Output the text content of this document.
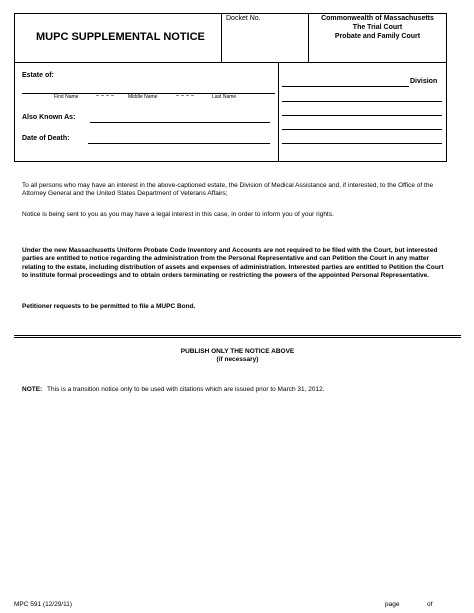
MUPC SUPPLEMENTAL NOTICE
Docket No.	Commonwealth of Massachusetts
The Trial Court
Probate and Family Court
Estate of:
First Name	Middle Name	Last Name
Also Known As:
Date of Death:
Division
To all persons who may have an interest in the above-captioned estate, the Division of Medical Assistance and, if interested, to the Office of the Attorney General and the United States Department of Veterans Affairs;
Notice is being sent to you as you may have a legal interest in this case, in order to inform you of your rights.
Under the new Massachusetts Uniform Probate Code Inventory and Accounts are not required to be filed with the Court, but interested parties are entitled to notice regarding the administration from the Personal Representative and can Petition the Court in any matter relating to the estate, including distribution of assets and expenses of administration. Interested parties are entitled to Petition the Court to institute formal proceedings and to obtain orders terminating or restricting the powers of the appointed Personal Representative.
Petitioner requests to be permitted to file a MUPC Bond.
PUBLISH ONLY THE NOTICE ABOVE
(if necessary)
NOTE: This is a transition notice only to be used with citations which are issued prior to March 31, 2012.
MPC 591 (12/29/11)	page	of
